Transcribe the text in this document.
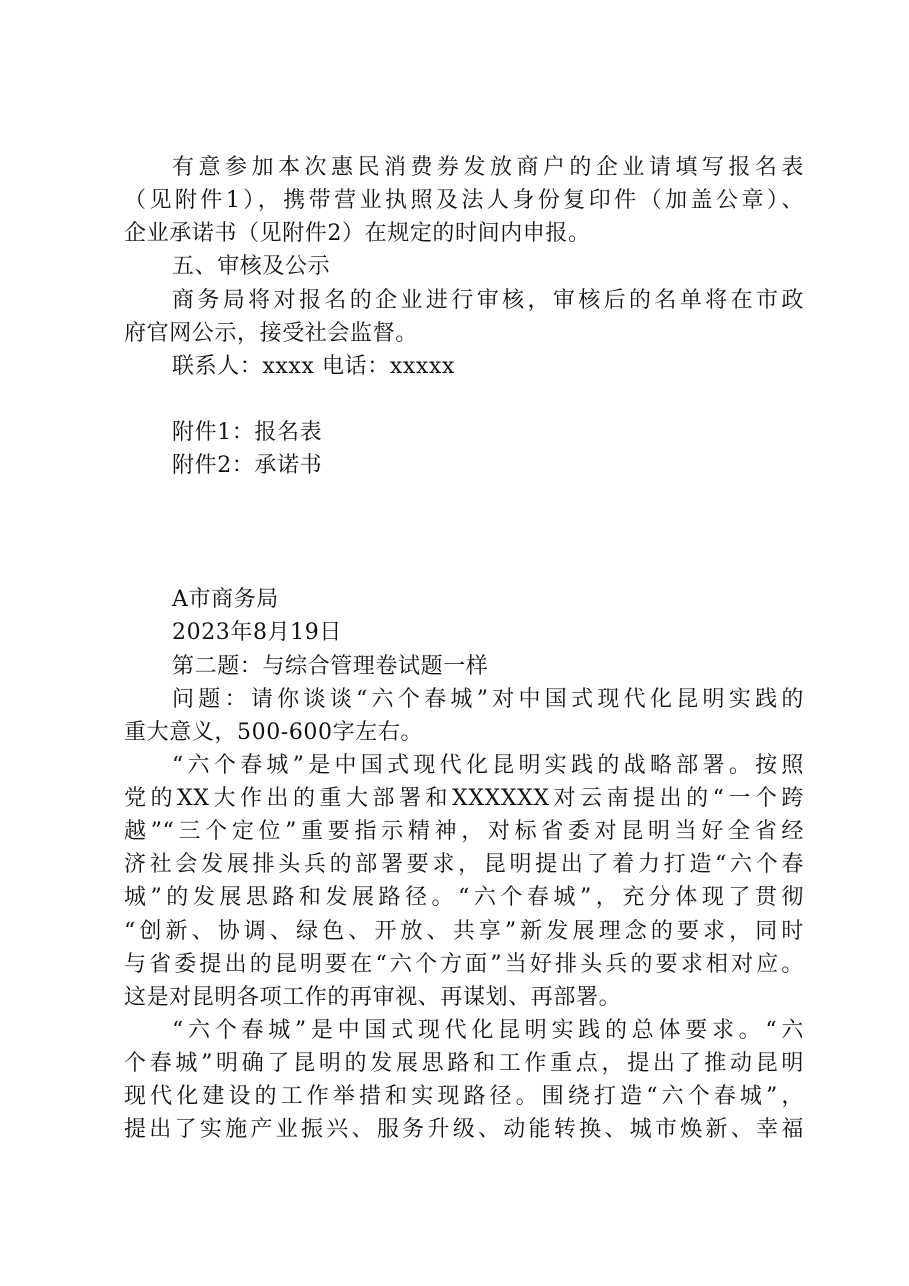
有意参加本次惠民消费券发放商户的企业请填写报名表
（见附件1），携带营业执照及法人身份复印件（加盖公章）、
企业承诺书（见附件2）在规定的时间内申报。
五、审核及公示
商务局将对报名的企业进行审核，审核后的名单将在市政
府官网公示，接受社会监督。
联系人：xxxx 电话：xxxxx
附件1：报名表
附件2：承诺书
A市商务局
2023年8月19日
第二题：与综合管理卷试题一样
问题：请你谈谈“六个春城”对中国式现代化昆明实践的
重大意义，500-600字左右。
“六个春城”是中国式现代化昆明实践的战略部署。按照
党的XX大作出的重大部署和XXXXXX对云南提出的“一个跨
越”“三个定位”重要指示精神，对标省委对昆明当好全省经
济社会发展排头兵的部署要求，昆明提出了着力打造“六个春
城”的发展思路和发展路径。“六个春城”，充分体现了贯彻
“创新、协调、绿色、开放、共享”新发展理念的要求，同时
与省委提出的昆明要在“六个方面”当好排头兵的要求相对应。
这是对昆明各项工作的再审视、再谋划、再部署。
“六个春城”是中国式现代化昆明实践的总体要求。“六
个春城”明确了昆明的发展思路和工作重点，提出了推动昆明
现代化建设的工作举措和实现路径。围绕打造“六个春城”，
提出了实施产业振兴、服务升级、动能转换、城市焕新、幸福
